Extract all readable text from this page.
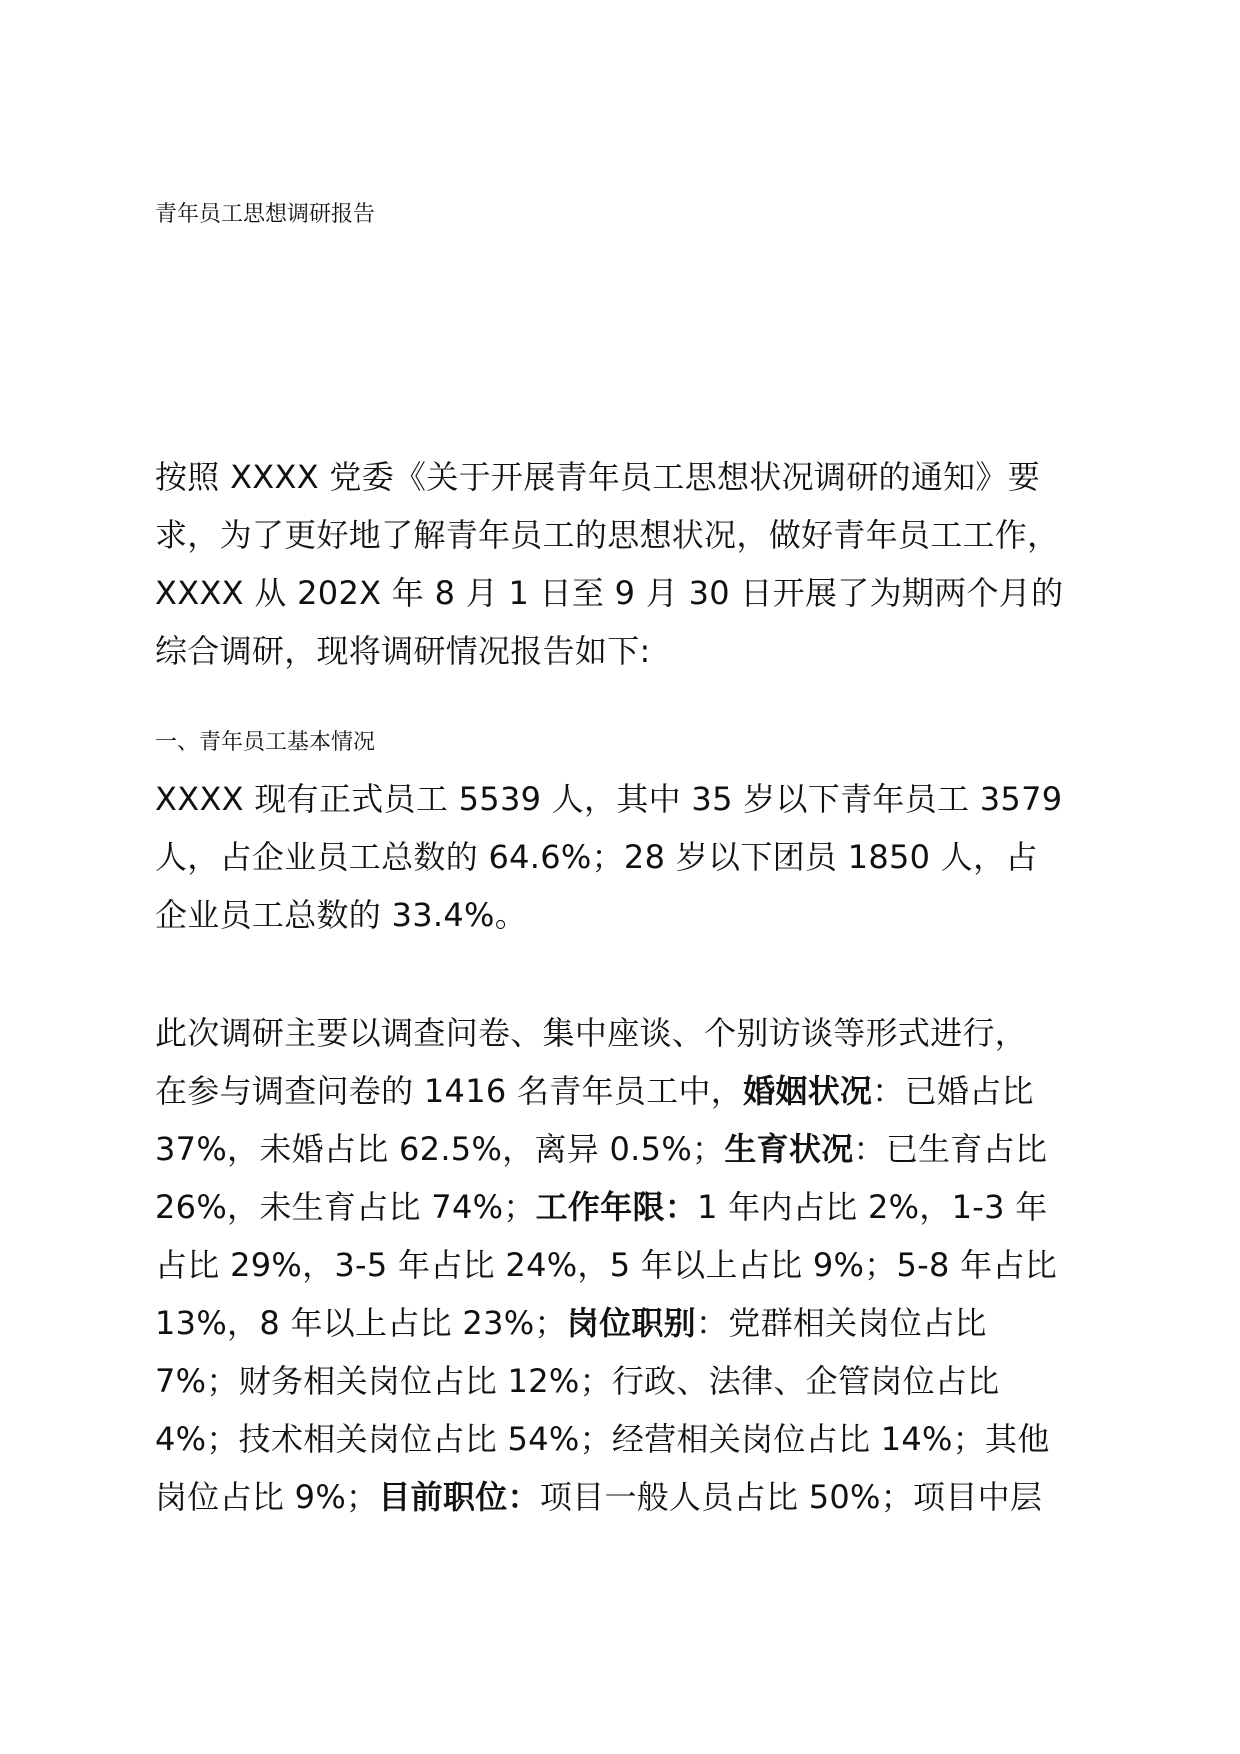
青年员工思想调研报告
按照 XXXX 党委《关于开展青年员工思想状况调研的通知》要
求，为了更好地了解青年员工的思想状况，做好青年员工工作，
XXXX 从 202X 年 8 月 1 日至 9 月 30 日开展了为期两个月的
综合调研，现将调研情况报告如下:
一、青年员工基本情况
XXXX 现有正式员工 5539 人，其中 35 岁以下青年员工 3579
人，占企业员工总数的 64.6%；28 岁以下团员 1850 人，占
企业员工总数的 33.4%。
此次调研主要以调查问卷、集中座谈、个别访谈等形式进行，
在参与调查问卷的 1416 名青年员工中，婚姻状况：已婚占比
37%，未婚占比 62.5%，离异 0.5%；生育状况：已生育占比
26%，未生育占比 74%；工作年限：1 年内占比 2%，1-3 年
占比 29%，3-5 年占比 24%，5 年以上占比 9%；5-8 年占比
13%，8 年以上占比 23%；岗位职别：党群相关岗位占比
7%；财务相关岗位占比 12%；行政、法律、企管岗位占比
4%；技术相关岗位占比 54%；经营相关岗位占比 14%；其他
岗位占比 9%；目前职位：项目一般人员占比 50%；项目中层
